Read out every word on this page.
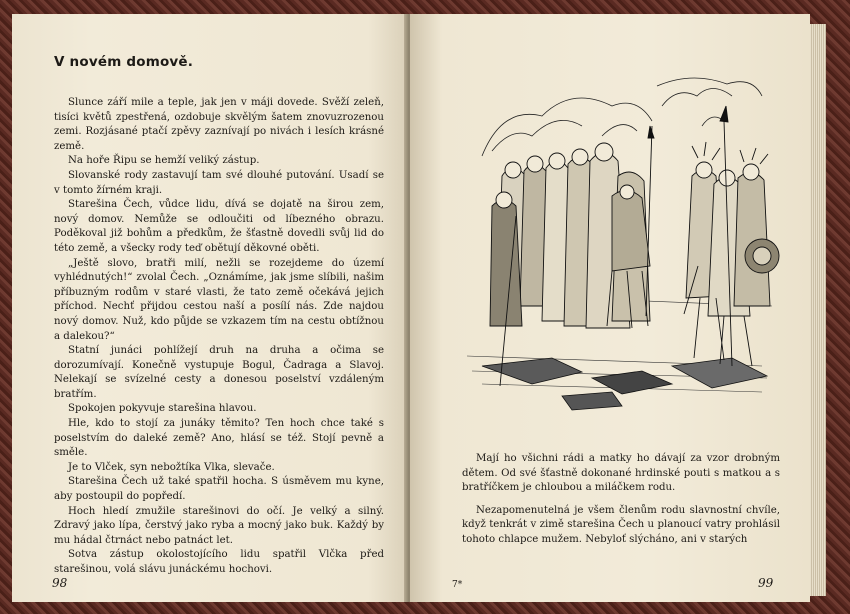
V novém domově.

Slunce září mile a teple, jak jen v máji dovede. Svěží zeleň, tisíci květů zpestřená, ozdobuje skvělým šatem znovuzrozenou zemi. Rozjásané ptačí zpěvy zaznívají po nivách i lesích krásné země.

Na hoře Řipu se hemží veliký zástup.

Slovanské rody zastavují tam své dlouhé putování. Usadí se v tomto žírném kraji.

Starešina Čech, vůdce lidu, dívá se dojatě na širou zem, nový domov. Nemůže se odloučiti od líbezného obrazu. Poděkoval již bohům a předkům, že šťastně dovedli svůj lid do této země, a všecky rody teď obětují děkovné oběti.

„Ještě slovo, bratři milí, nežli se rozejdeme do území vyhlédnutých!“ zvolal Čech. „Oznámíme, jak jsme slíbili, našim příbuzným rodům v staré vlasti, že tato země očekává jejich příchod. Nechť přijdou cestou naší a posílí nás. Zde najdou nový domov. Nuž, kdo půjde se vzkazem tím na cestu obtížnou a dalekou?“

Statní junáci pohlížejí druh na druha a očima se dorozumívají. Konečně vystupuje Bogul, Čadraga a Slavoj. Nelekají se svízelné cesty a donesou poselství vzdáleným bratřím.

Spokojen pokyvuje starešina hlavou.

Hle, kdo to stojí za junáky těmito? Ten hoch chce také s poselstvím do daleké země? Ano, hlásí se též. Stojí pevně a směle.

Je to Vlček, syn nebožtíka Vlka, slevače.

Starešina Čech už také spatřil hocha. S úsměvem mu kyne, aby postoupil do popředí.

Hoch hledí zmužile starešinovi do očí. Je velký a silný. Zdravý jako lípa, čerstvý jako ryba a mocný jako buk. Každý by mu hádal čtrnáct nebo patnáct let.

Sotva zástup okolostojícího lidu spatřil Vlčka před starešinou, volá slávu junáckému hochovi.

98

Mají ho všichni rádi a matky ho dávají za vzor drobným dětem. Od své šťastně dokonané hrdinské pouti s matkou a s bratříčkem je chloubou a miláčkem rodu.

Nezapomenutelná je všem členům rodu slavnostní chvíle, když tenkrát v zimě starešina Čech u planoucí vatry prohlásil tohoto chlapce mužem. Nebyloť slýcháno, ani v starých

7*	99
